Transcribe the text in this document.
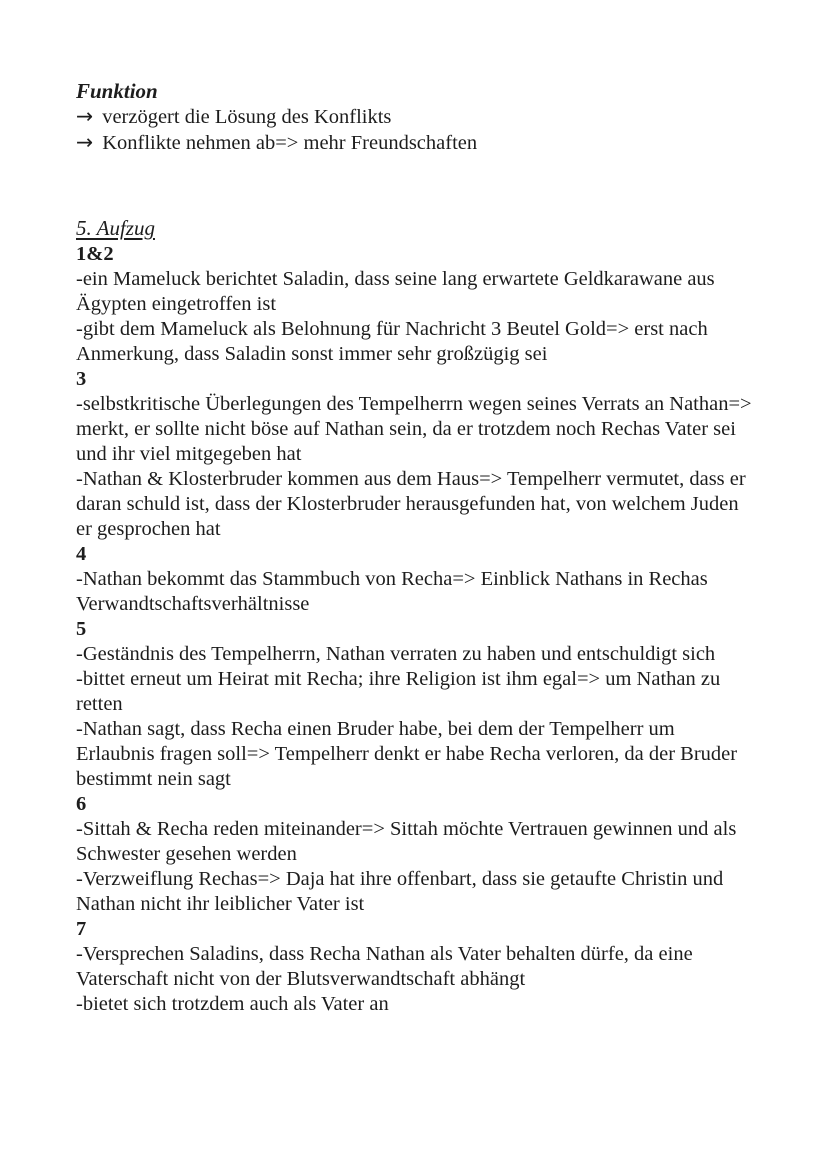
Funktion

→ verzögert die Lösung des Konflikts
→ Konflikte nehmen ab=> mehr Freundschaften
5. Aufzug
1&2

-ein Mameluck berichtet Saladin, dass seine lang erwartete Geldkarawane aus Ägypten eingetroffen ist

-gibt dem Mameluck als Belohnung für Nachricht 3 Beutel Gold=> erst nach Anmerkung, dass Saladin sonst immer sehr großzügig sei

3

-selbstkritische Überlegungen des Tempelherrn wegen seines Verrats an Nathan=> merkt, er sollte nicht böse auf Nathan sein, da er trotzdem noch Rechas Vater sei und ihr viel mitgegeben hat

-Nathan & Klosterbruder kommen aus dem Haus=> Tempelherr vermutet, dass er daran schuld ist, dass der Klosterbruder herausgefunden hat, von welchem Juden er gesprochen hat

4

-Nathan bekommt das Stammbuch von Recha=> Einblick Nathans in Rechas Verwandtschaftsverhältnisse

5

-Geständnis des Tempelherrn, Nathan verraten zu haben und entschuldigt sich

-bittet erneut um Heirat mit Recha; ihre Religion ist ihm egal=> um Nathan zu retten

-Nathan sagt, dass Recha einen Bruder habe, bei dem der Tempelherr um Erlaubnis fragen soll=> Tempelherr denkt er habe Recha verloren, da der Bruder bestimmt nein sagt

6

-Sittah & Recha reden miteinander=> Sittah möchte Vertrauen gewinnen und als Schwester gesehen werden

-Verzweiflung Rechas=> Daja hat ihre offenbart, dass sie getaufte Christin und Nathan nicht ihr leiblicher Vater ist

7

-Versprechen Saladins, dass Recha Nathan als Vater behalten dürfe, da eine Vaterschaft nicht von der Blutsverwandtschaft abhängt

-bietet sich trotzdem auch als Vater an
